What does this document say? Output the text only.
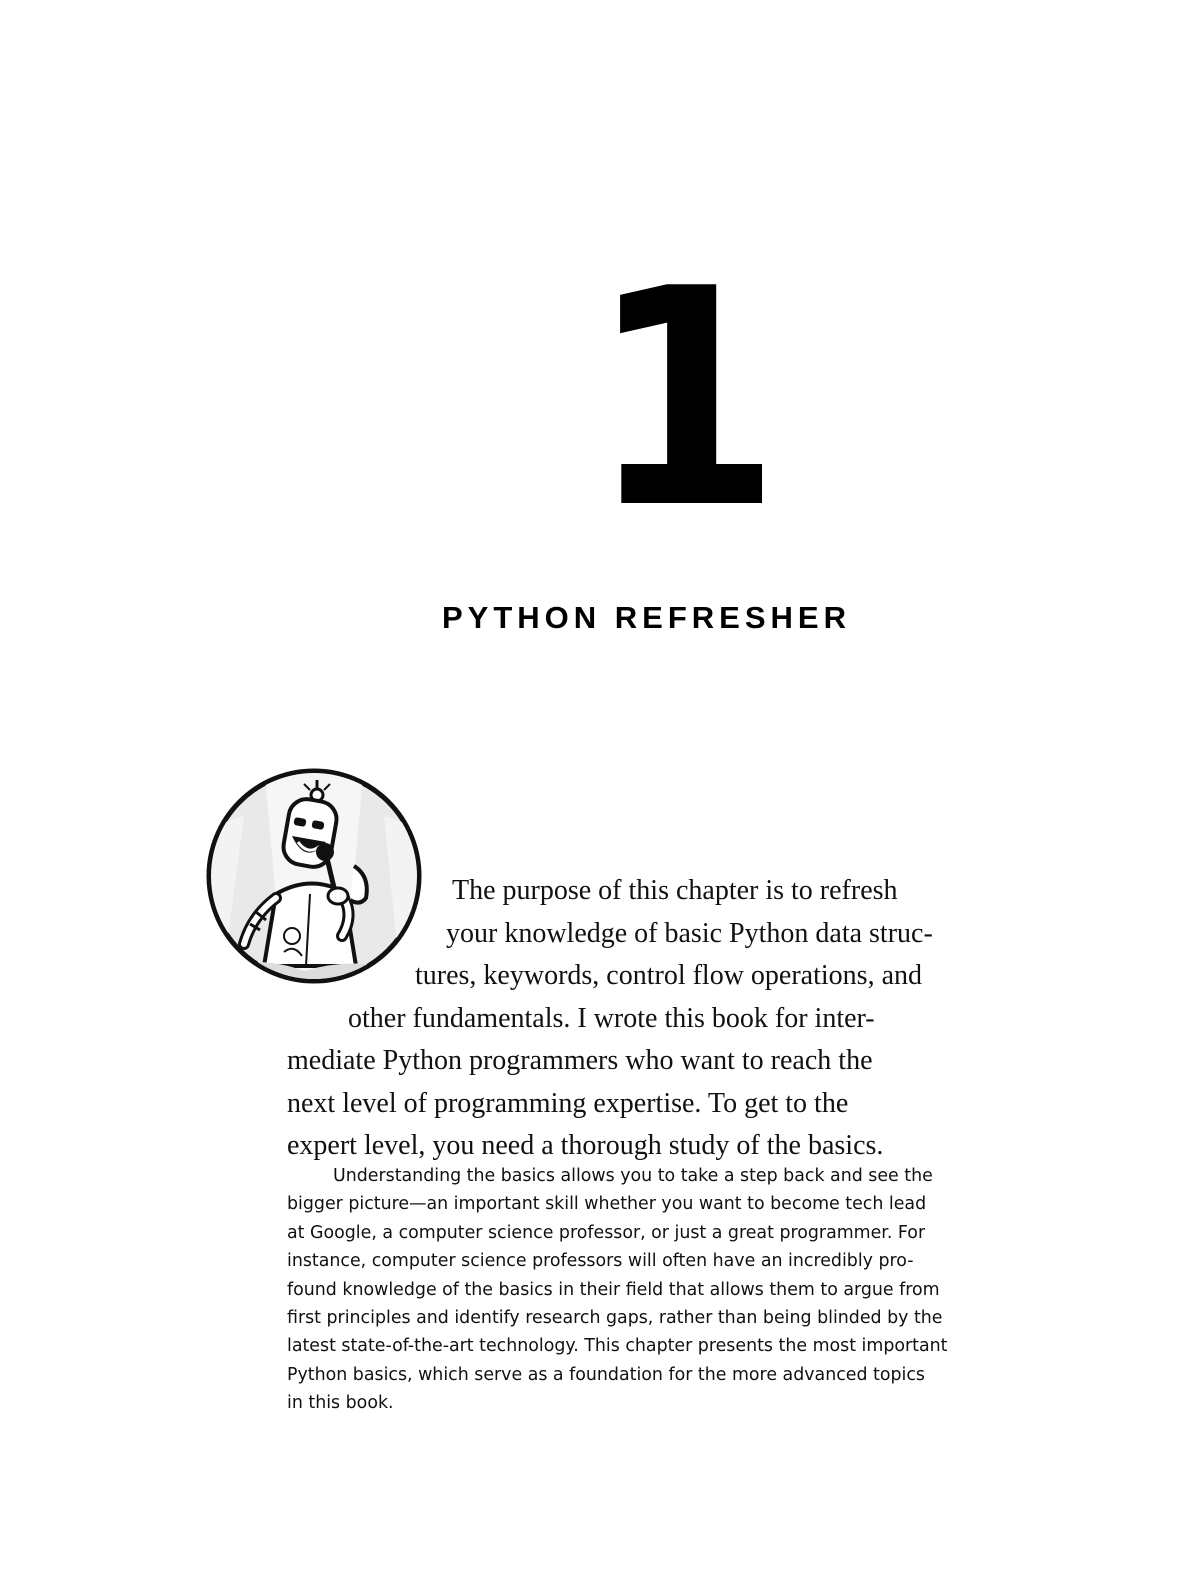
1
PYTHON REFRESHER
The purpose of this chapter is to refresh
your knowledge of basic Python data struc-
tures, keywords, control flow operations, and
other fundamentals. I wrote this book for inter-
mediate Python programmers who want to reach the
next level of programming expertise. To get to the
expert level, you need a thorough study of the basics.
Understanding the basics allows you to take a step back and see the
bigger picture—an important skill whether you want to become tech lead
at Google, a computer science professor, or just a great programmer. For
instance, computer science professors will often have an incredibly pro-
found knowledge of the basics in their field that allows them to argue from
first principles and identify research gaps, rather than being blinded by the
latest state-of-the-art technology. This chapter presents the most important
Python basics, which serve as a foundation for the more advanced topics
in this book.
